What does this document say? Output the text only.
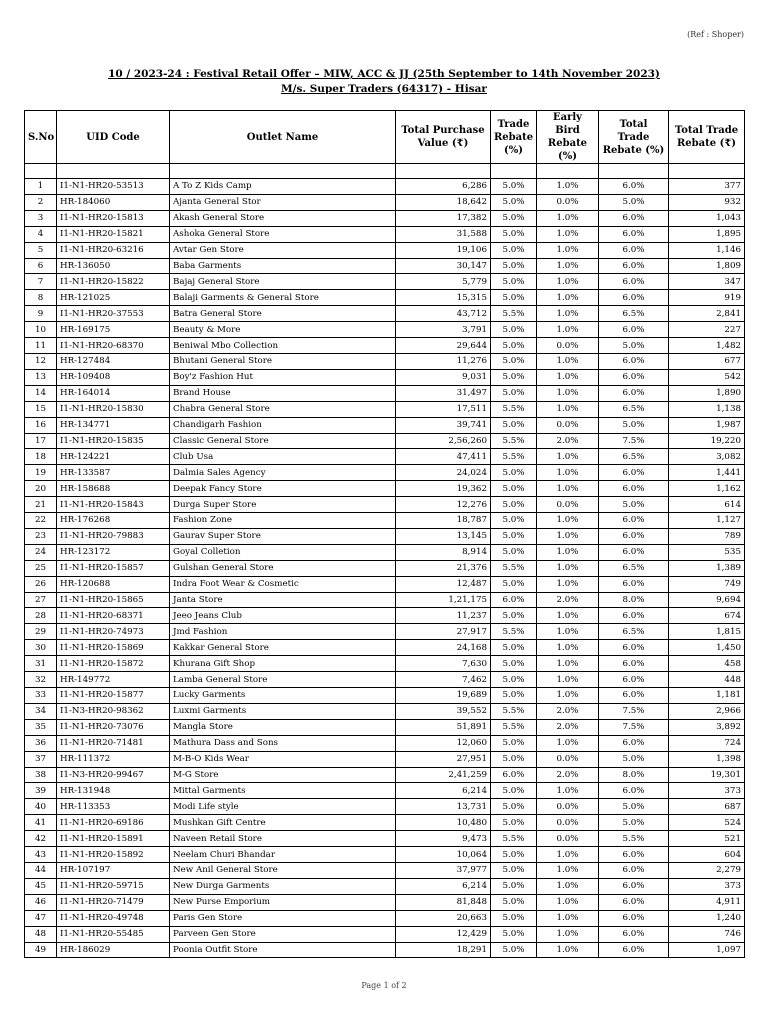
(Ref : Shoper)
10 / 2023-24 : Festival Retail Offer – MIW, ACC & JJ (25th September to 14th November 2023)
M/s. Super Traders (64317) - Hisar
S.No	UID Code	Outlet Name	Total Purchase Value (₹)	Trade Rebate (%)	Early Bird Rebate (%)	Total Trade Rebate (%)	Total Trade Rebate (₹)

1	I1-N1-HR20-53513	A To Z Kids Camp	6,286	5.0%	1.0%	6.0%	377
2	HR-184060	Ajanta General Stor	18,642	5.0%	0.0%	5.0%	932
3	I1-N1-HR20-15813	Akash General Store	17,382	5.0%	1.0%	6.0%	1,043
4	I1-N1-HR20-15821	Ashoka General Store	31,588	5.0%	1.0%	6.0%	1,895
5	I1-N1-HR20-63216	Avtar Gen Store	19,106	5.0%	1.0%	6.0%	1,146
6	HR-136050	Baba Garments	30,147	5.0%	1.0%	6.0%	1,809
7	I1-N1-HR20-15822	Bajaj General Store	5,779	5.0%	1.0%	6.0%	347
8	HR-121025	Balaji Garments & General Store	15,315	5.0%	1.0%	6.0%	919
9	I1-N1-HR20-37553	Batra General Store	43,712	5.5%	1.0%	6.5%	2,841
10	HR-169175	Beauty & More	3,791	5.0%	1.0%	6.0%	227
11	I1-N1-HR20-68370	Beniwal Mbo Collection	29,644	5.0%	0.0%	5.0%	1,482
12	HR-127484	Bhutani General Store	11,276	5.0%	1.0%	6.0%	677
13	HR-109408	Boy'z Fashion Hut	9,031	5.0%	1.0%	6.0%	542
14	HR-164014	Brand House	31,497	5.0%	1.0%	6.0%	1,890
15	I1-N1-HR20-15830	Chabra General Store	17,511	5.5%	1.0%	6.5%	1,138
16	HR-134771	Chandigarh Fashion	39,741	5.0%	0.0%	5.0%	1,987
17	I1-N1-HR20-15835	Classic General Store	2,56,260	5.5%	2.0%	7.5%	19,220
18	HR-124221	Club Usa	47,411	5.5%	1.0%	6.5%	3,082
19	HR-133587	Dalmia Sales Agency	24,024	5.0%	1.0%	6.0%	1,441
20	HR-158688	Deepak Fancy Store	19,362	5.0%	1.0%	6.0%	1,162
21	I1-N1-HR20-15843	Durga Super Store	12,276	5.0%	0.0%	5.0%	614
22	HR-176268	Fashion Zone	18,787	5.0%	1.0%	6.0%	1,127
23	I1-N1-HR20-79883	Gaurav Super Store	13,145	5.0%	1.0%	6.0%	789
24	HR-123172	Goyal Colletion	8,914	5.0%	1.0%	6.0%	535
25	I1-N1-HR20-15857	Gulshan General Store	21,376	5.5%	1.0%	6.5%	1,389
26	HR-120688	Indra Foot Wear & Cosmetic	12,487	5.0%	1.0%	6.0%	749
27	I1-N1-HR20-15865	Janta Store	1,21,175	6.0%	2.0%	8.0%	9,694
28	I1-N1-HR20-68371	Jeeo Jeans Club	11,237	5.0%	1.0%	6.0%	674
29	I1-N1-HR20-74973	Jmd Fashion	27,917	5.5%	1.0%	6.5%	1,815
30	I1-N1-HR20-15869	Kakkar General Store	24,168	5.0%	1.0%	6.0%	1,450
31	I1-N1-HR20-15872	Khurana Gift Shop	7,630	5.0%	1.0%	6.0%	458
32	HR-149772	Lamba General Store	7,462	5.0%	1.0%	6.0%	448
33	I1-N1-HR20-15877	Lucky Garments	19,689	5.0%	1.0%	6.0%	1,181
34	I1-N3-HR20-98362	Luxmi Garments	39,552	5.5%	2.0%	7.5%	2,966
35	I1-N1-HR20-73076	Mangla Store	51,891	5.5%	2.0%	7.5%	3,892
36	I1-N1-HR20-71481	Mathura Dass and Sons	12,060	5.0%	1.0%	6.0%	724
37	HR-111372	M-B-O Kids Wear	27,951	5.0%	0.0%	5.0%	1,398
38	I1-N3-HR20-99467	M-G Store	2,41,259	6.0%	2.0%	8.0%	19,301
39	HR-131948	Mittal Garments	6,214	5.0%	1.0%	6.0%	373
40	HR-113353	Modi Life style	13,731	5.0%	0.0%	5.0%	687
41	I1-N1-HR20-69186	Mushkan Gift Centre	10,480	5.0%	0.0%	5.0%	524
42	I1-N1-HR20-15891	Naveen Retail Store	9,473	5.5%	0.0%	5.5%	521
43	I1-N1-HR20-15892	Neelam Churi Bhandar	10,064	5.0%	1.0%	6.0%	604
44	HR-107197	New Anil General Store	37,977	5.0%	1.0%	6.0%	2,279
45	I1-N1-HR20-59715	New Durga Garments	6,214	5.0%	1.0%	6.0%	373
46	I1-N1-HR20-71479	New Purse Emporium	81,848	5.0%	1.0%	6.0%	4,911
47	I1-N1-HR20-49748	Paris Gen Store	20,663	5.0%	1.0%	6.0%	1,240
48	I1-N1-HR20-55485	Parveen Gen Store	12,429	5.0%	1.0%	6.0%	746
49	HR-186029	Poonia Outfit Store	18,291	5.0%	1.0%	6.0%	1,097
Page 1 of 2
